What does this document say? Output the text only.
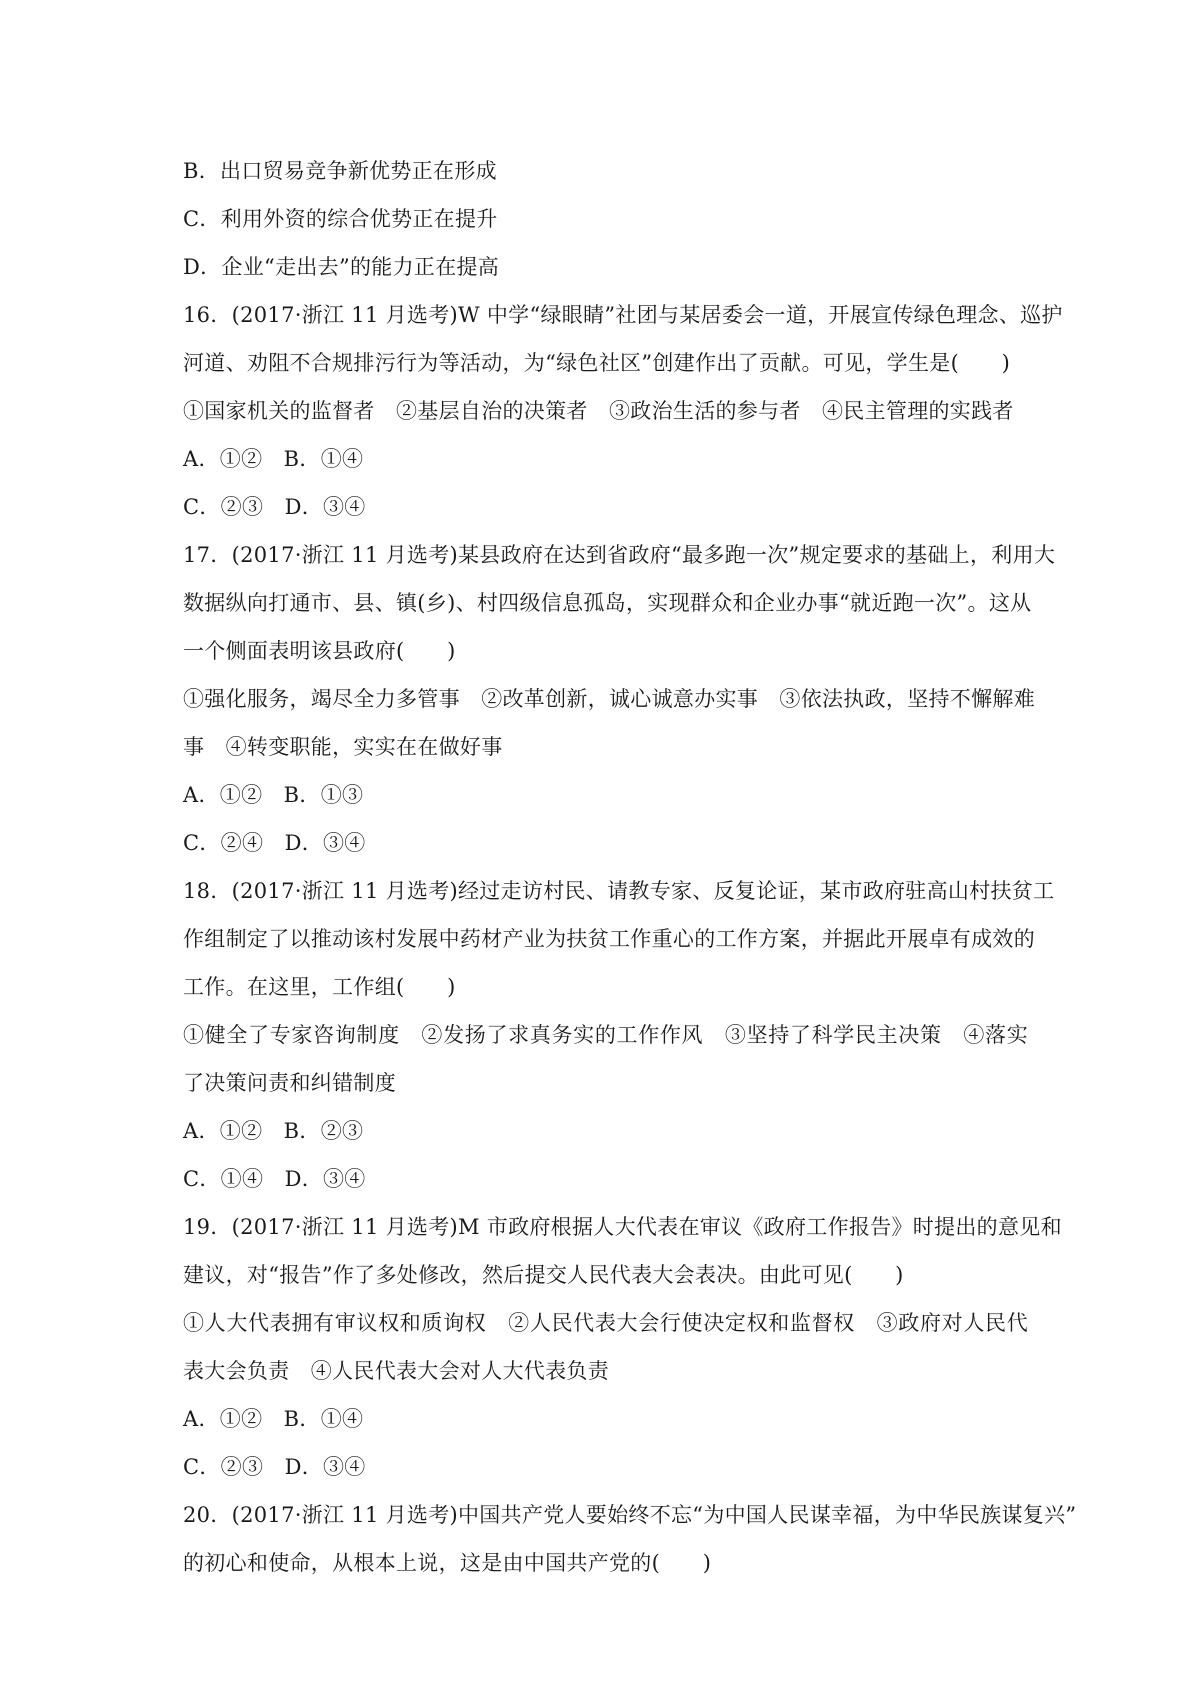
B．出口贸易竞争新优势正在形成
C．利用外资的综合优势正在提升
D．企业“走出去”的能力正在提高
16．(2017·浙江 11 月选考)W 中学“绿眼睛”社团与某居委会一道，开展宣传绿色理念、巡护
河道、劝阻不合规排污行为等活动，为“绿色社区”创建作出了贡献。可见，学生是(　　)
①国家机关的监督者　②基层自治的决策者　③政治生活的参与者　④民主管理的实践者
A．①②　B．①④
C．②③　D．③④
17．(2017·浙江 11 月选考)某县政府在达到省政府“最多跑一次”规定要求的基础上，利用大
数据纵向打通市、县、镇(乡)、村四级信息孤岛，实现群众和企业办事“就近跑一次”。这从
一个侧面表明该县政府(　　)
①强化服务，竭尽全力多管事　②改革创新，诚心诚意办实事　③依法执政，坚持不懈解难
事　④转变职能，实实在在做好事
A．①②　B．①③
C．②④　D．③④
18．(2017·浙江 11 月选考)经过走访村民、请教专家、反复论证，某市政府驻高山村扶贫工
作组制定了以推动该村发展中药材产业为扶贫工作重心的工作方案，并据此开展卓有成效的
工作。在这里，工作组(　　)
①健全了专家咨询制度　②发扬了求真务实的工作作风　③坚持了科学民主决策　④落实
了决策问责和纠错制度
A．①②　B．②③
C．①④　D．③④
19．(2017·浙江 11 月选考)M 市政府根据人大代表在审议《政府工作报告》时提出的意见和
建议，对“报告”作了多处修改，然后提交人民代表大会表决。由此可见(　　)
①人大代表拥有审议权和质询权　②人民代表大会行使决定权和监督权　③政府对人民代
表大会负责　④人民代表大会对人大代表负责
A．①②　B．①④
C．②③　D．③④
20．(2017·浙江 11 月选考)中国共产党人要始终不忘“为中国人民谋幸福，为中华民族谋复兴”
的初心和使命，从根本上说，这是由中国共产党的(　　)
